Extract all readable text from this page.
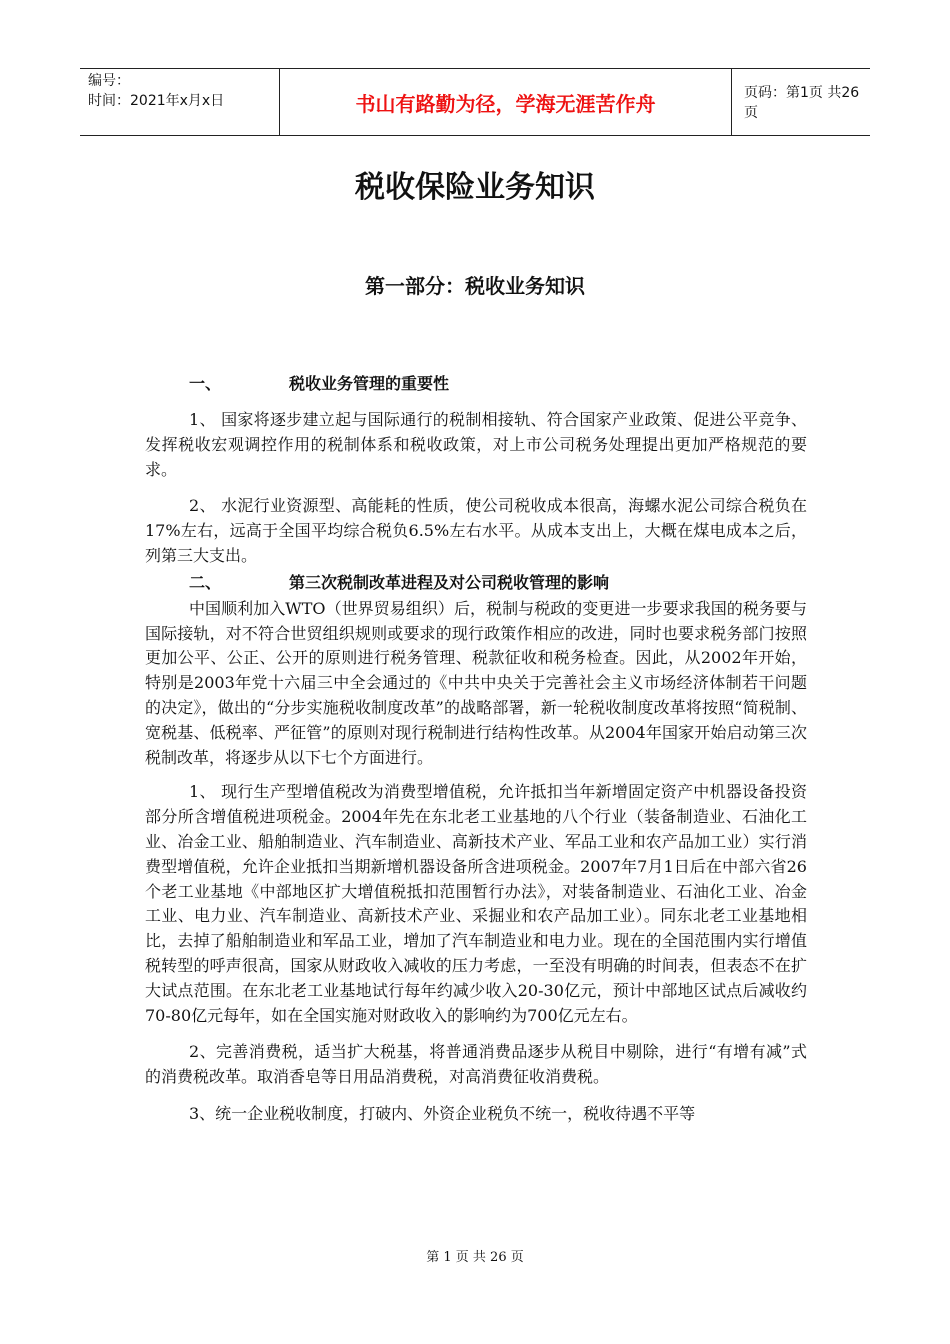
编号：
时间：2021年x月x日	书山有路勤为径，学海无涯苦作舟	页码：第1页 共26页
税收保险业务知识
第一部分：税收业务知识
一、	税收业务管理的重要性

1、 国家将逐步建立起与国际通行的税制相接轨、符合国家产业政策、促进公平竞争、发挥税收宏观调控作用的税制体系和税收政策，对上市公司税务处理提出更加严格规范的要求。

2、 水泥行业资源型、高能耗的性质，使公司税收成本很高，海螺水泥公司综合税负在17%左右，远高于全国平均综合税负6.5%左右水平。从成本支出上，大概在煤电成本之后，列第三大支出。

二、	第三次税制改革进程及对公司税收管理的影响

中国顺利加入WTO（世界贸易组织）后，税制与税政的变更进一步要求我国的税务要与国际接轨，对不符合世贸组织规则或要求的现行政策作相应的改进，同时也要求税务部门按照更加公平、公正、公开的原则进行税务管理、税款征收和税务检查。因此，从2002年开始，特别是2003年党十六届三中全会通过的《中共中央关于完善社会主义市场经济体制若干问题的决定》，做出的“分步实施税收制度改革”的战略部署，新一轮税收制度改革将按照“简税制、宽税基、低税率、严征管”的原则对现行税制进行结构性改革。从2004年国家开始启动第三次税制改革，将逐步从以下七个方面进行。

1、 现行生产型增值税改为消费型增值税，允许抵扣当年新增固定资产中机器设备投资部分所含增值税进项税金。2004年先在东北老工业基地的八个行业（装备制造业、石油化工业、冶金工业、船舶制造业、汽车制造业、高新技术产业、军品工业和农产品加工业）实行消费型增值税，允许企业抵扣当期新增机器设备所含进项税金。2007年7月1日后在中部六省26个老工业基地《中部地区扩大增值税抵扣范围暂行办法》，对装备制造业、石油化工业、冶金工业、电力业、汽车制造业、高新技术产业、采掘业和农产品加工业）。同东北老工业基地相比，去掉了船舶制造业和军品工业，增加了汽车制造业和电力业。现在的全国范围内实行增值税转型的呼声很高，国家从财政收入减收的压力考虑，一至没有明确的时间表，但表态不在扩大试点范围。在东北老工业基地试行每年约减少收入20-30亿元，预计中部地区试点后减收约70-80亿元每年，如在全国实施对财政收入的影响约为700亿元左右。

2、完善消费税，适当扩大税基，将普通消费品逐步从税目中剔除，进行“有增有减”式的消费税改革。取消香皂等日用品消费税，对高消费征收消费税。

3、统一企业税收制度，打破内、外资企业税负不统一，税收待遇不平等

第 1 页 共 26 页
